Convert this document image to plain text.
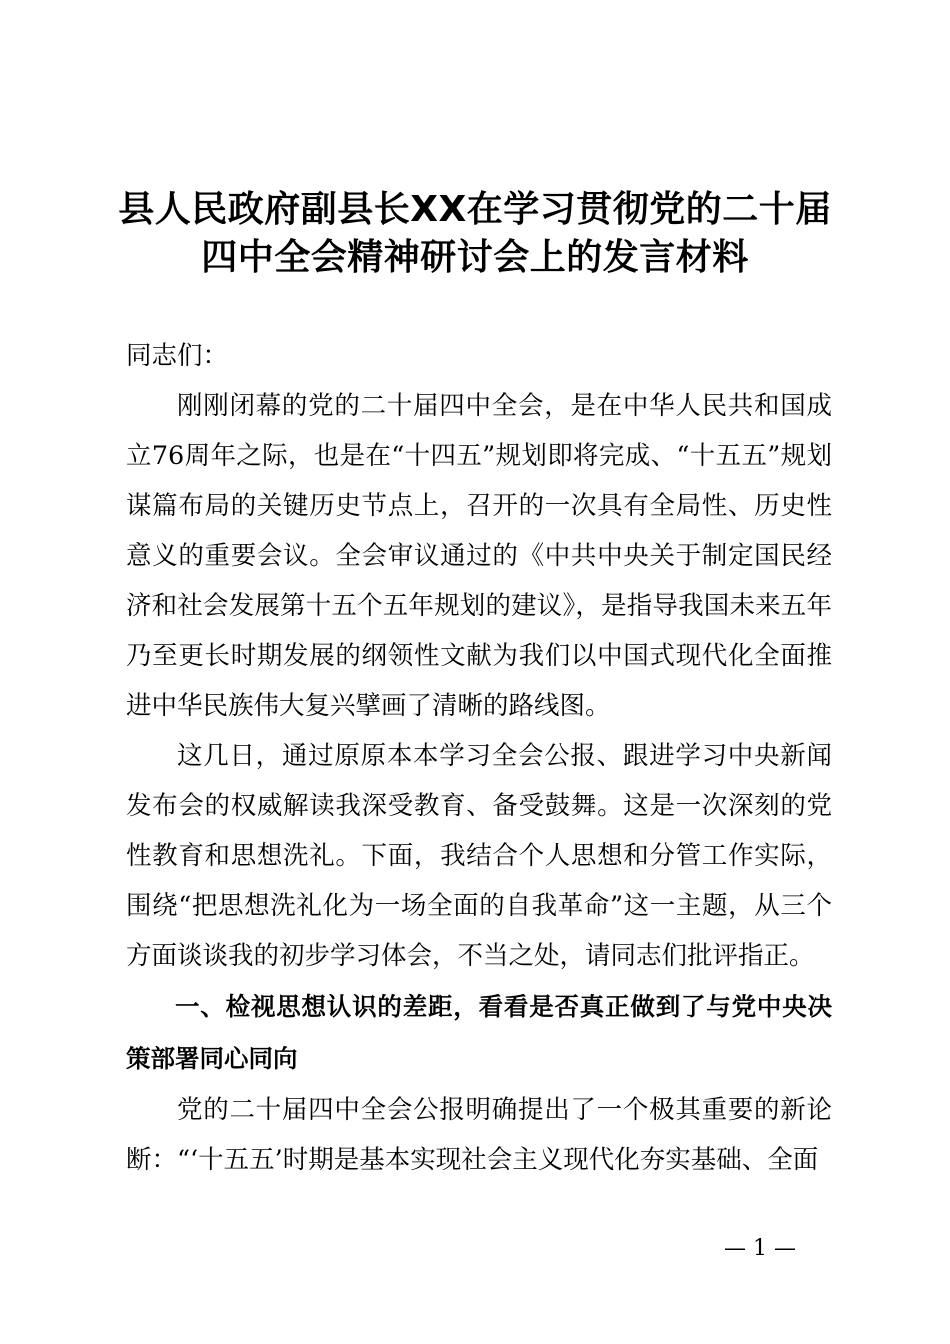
县人民政府副县长XX在学习贯彻党的二十届
四中全会精神研讨会上的发言材料

同志们：

刚刚闭幕的党的二十届四中全会，是在中华人民共和国成立76周年之际，也是在“十四五”规划即将完成、“十五五”规划谋篇布局的关键历史节点上，召开的一次具有全局性、历史性意义的重要会议。全会审议通过的《中共中央关于制定国民经济和社会发展第十五个五年规划的建议》，是指导我国未来五年乃至更长时期发展的纲领性文献为我们以中国式现代化全面推进中华民族伟大复兴擘画了清晰的路线图。

这几日，通过原原本本学习全会公报、跟进学习中央新闻发布会的权威解读我深受教育、备受鼓舞。这是一次深刻的党性教育和思想洗礼。下面，我结合个人思想和分管工作实际，围绕“把思想洗礼化为一场全面的自我革命”这一主题，从三个方面谈谈我的初步学习体会，不当之处，请同志们批评指正。

一、检视思想认识的差距，看看是否真正做到了与党中央决策部署同心同向

党的二十届四中全会公报明确提出了一个极其重要的新论断：“‘十五五’时期是基本实现社会主义现代化夯实基础、全面

— 1 —
